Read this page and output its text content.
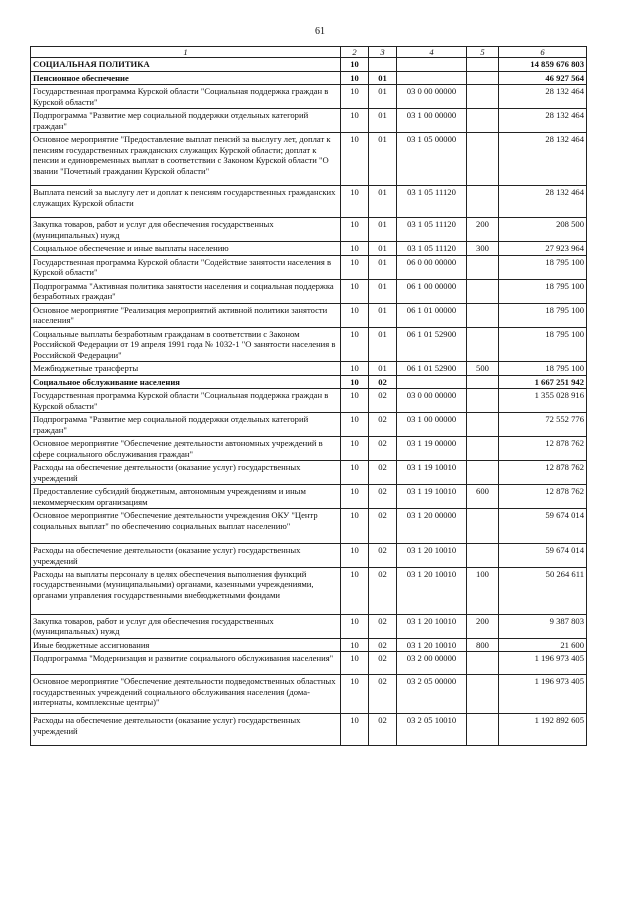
61
1	2	3	4	5	6
СОЦИАЛЬНАЯ ПОЛИТИКА	10				14 859 676 803
Пенсионное обеспечение	10	01			46 927 564
Государственная программа Курской области "Социальная поддержка граждан в Курской области"	10	01	03 0 00 00000		28 132 464
Подпрограмма "Развитие мер социальной поддержки отдельных категорий граждан"	10	01	03 1 00 00000		28 132 464
Основное мероприятие "Предоставление выплат пенсий за выслугу лет, доплат к пенсиям государственных гражданских служащих Курской области; доплат к пенсии и единовременных выплат в соответствии с Законом Курской области "О звании "Почетный гражданин Курской области"	10	01	03 1 05 00000		28 132 464
Выплата пенсий за выслугу лет и доплат к пенсиям государственных гражданских служащих Курской области	10	01	03 1 05 11120		28 132 464
Закупка товаров, работ и услуг для обеспечения государственных (муниципальных) нужд	10	01	03 1 05 11120	200	208 500
Социальное обеспечение и иные выплаты населению	10	01	03 1 05 11120	300	27 923 964
Государственная программа Курской области "Содействие занятости населения в Курской области"	10	01	06 0 00 00000		18 795 100
Подпрограмма "Активная политика занятости населения и социальная поддержка безработных граждан"	10	01	06 1 00 00000		18 795 100
Основное мероприятие "Реализация мероприятий активной политики занятости населения"	10	01	06 1 01 00000		18 795 100
Социальные выплаты безработным гражданам в соответствии с Законом Российской Федерации от 19 апреля 1991 года № 1032-1 "О занятости населения в Российской Федерации"	10	01	06 1 01 52900		18 795 100
Межбюджетные трансферты	10	01	06 1 01 52900	500	18 795 100
Социальное обслуживание населения	10	02			1 667 251 942
Государственная программа Курской области "Социальная поддержка граждан в Курской области"	10	02	03 0 00 00000		1 355 028 916
Подпрограмма "Развитие мер социальной поддержки отдельных категорий граждан"	10	02	03 1 00 00000		72 552 776
Основное мероприятие "Обеспечение деятельности автономных учреждений в сфере социального обслуживания граждан"	10	02	03 1 19 00000		12 878 762
Расходы на обеспечение деятельности (оказание услуг) государственных учреждений	10	02	03 1 19 10010		12 878 762
Предоставление субсидий бюджетным, автономным учреждениям и иным некоммерческим организациям	10	02	03 1 19 10010	600	12 878 762
Основное мероприятие "Обеспечение деятельности учреждения ОКУ "Центр социальных выплат" по обеспечению социальных выплат населению"	10	02	03 1 20 00000		59 674 014
Расходы на обеспечение деятельности (оказание услуг) государственных учреждений	10	02	03 1 20 10010		59 674 014
Расходы на выплаты персоналу в целях обеспечения выполнения функций государственными (муниципальными) органами, казенными учреждениями, органами управления государственными внебюджетными фондами	10	02	03 1 20 10010	100	50 264 611
Закупка товаров, работ и услуг для обеспечения государственных (муниципальных) нужд	10	02	03 1 20 10010	200	9 387 803
Иные бюджетные ассигнования	10	02	03 1 20 10010	800	21 600
Подпрограмма "Модернизация и развитие социального обслуживания населения"	10	02	03 2 00 00000		1 196 973 405
Основное мероприятие "Обеспечение деятельности подведомственных областных государственных учреждений социального обслуживания населения (дома-интернаты, комплексные центры)"	10	02	03 2 05 00000		1 196 973 405
Расходы на обеспечение деятельности (оказание услуг) государственных учреждений	10	02	03 2 05 10010		1 192 892 605
